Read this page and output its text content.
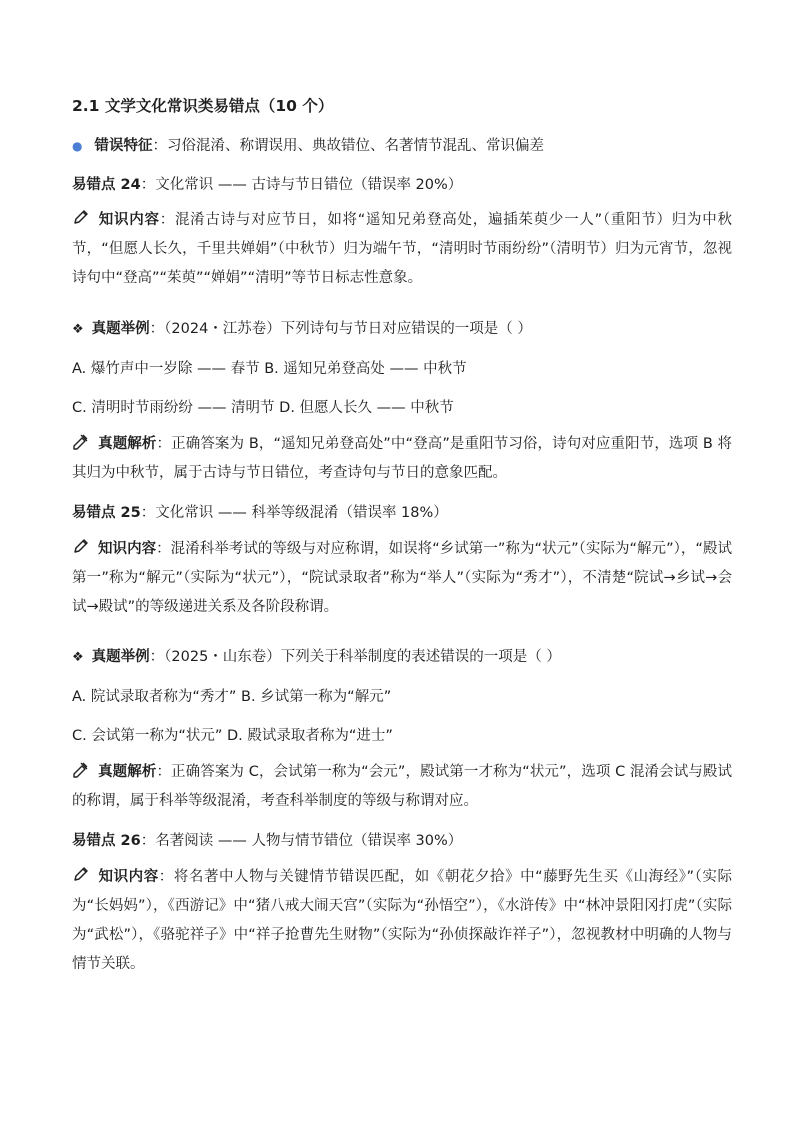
2.1 文学文化常识类易错点（10 个）
● 错误特征：习俗混淆、称谓误用、典故错位、名著情节混乱、常识偏差
易错点 24：文化常识 —— 古诗与节日错位（错误率 20%）
知识内容：混淆古诗与对应节日，如将“遥知兄弟登高处，遍插茱萸少一人”（重阳节）归为中秋节，“但愿人长久，千里共婵娟”（中秋节）归为端午节，“清明时节雨纷纷”（清明节）归为元宵节，忽视诗句中“登高”“茱萸”“婵娟”“清明”等节日标志性意象。
❖ 真题举例：（2024・江苏卷）下列诗句与节日对应错误的一项是（ ）
A. 爆竹声中一岁除 —— 春节 B. 遥知兄弟登高处 —— 中秋节
C. 清明时节雨纷纷 —— 清明节 D. 但愿人长久 —— 中秋节
真题解析：正确答案为 B，“遥知兄弟登高处”中“登高”是重阳节习俗，诗句对应重阳节，选项 B 将其归为中秋节，属于古诗与节日错位，考查诗句与节日的意象匹配。
易错点 25：文化常识 —— 科举等级混淆（错误率 18%）
知识内容：混淆科举考试的等级与对应称谓，如误将“乡试第一”称为“状元”（实际为“解元”），“殿试第一”称为“解元”（实际为“状元”），“院试录取者”称为“举人”（实际为“秀才”），不清楚“院试→乡试→会试→殿试”的等级递进关系及各阶段称谓。
❖ 真题举例：（2025・山东卷）下列关于科举制度的表述错误的一项是（ ）
A. 院试录取者称为“秀才” B. 乡试第一称为“解元”
C. 会试第一称为“状元” D. 殿试录取者称为“进士”
真题解析：正确答案为 C，会试第一称为“会元”，殿试第一才称为“状元”，选项 C 混淆会试与殿试的称谓，属于科举等级混淆，考查科举制度的等级与称谓对应。
易错点 26：名著阅读 —— 人物与情节错位（错误率 30%）
知识内容：将名著中人物与关键情节错误匹配，如《朝花夕拾》中“藤野先生买《山海经》”（实际为“长妈妈”），《西游记》中“猪八戒大闹天宫”（实际为“孙悟空”），《水浒传》中“林冲景阳冈打虎”（实际为“武松”），《骆驼祥子》中“祥子抢曹先生财物”（实际为“孙侦探敲诈祥子”），忽视教材中明确的人物与情节关联。
